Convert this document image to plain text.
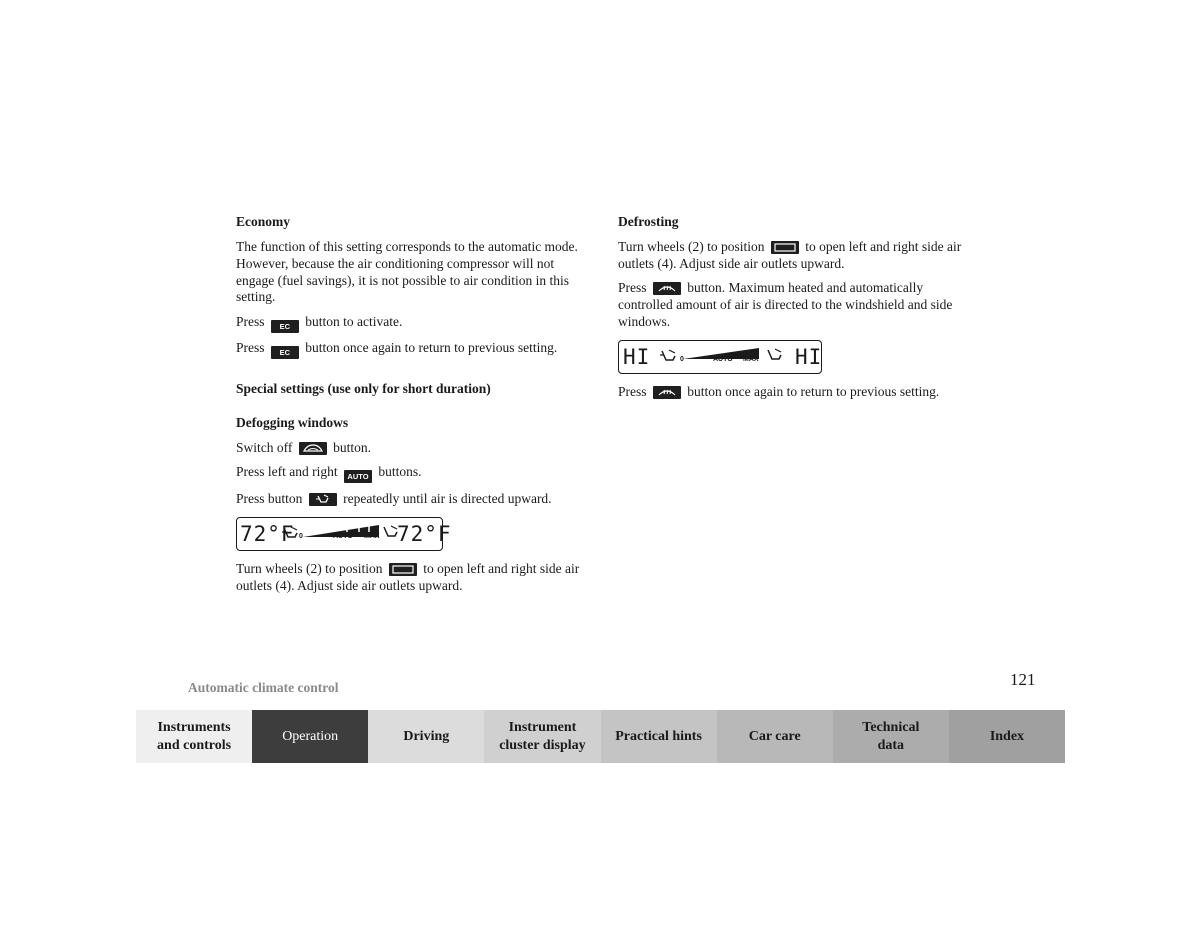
Economy

The function of this setting corresponds to the automatic mode. However, because the air conditioning compressor will not engage (fuel savings), it is not possible to air condition in this setting.

Press EC button to activate.

Press EC button once again to return to previous setting.

Special settings (use only for short duration)
Defogging windows

Switch off	button.

Press left and right AUTO buttons.

Press button	repeatedly until air is directed upward.

72°F 0	AUTO MAX 72°F

Turn wheels (2) to position	to open left and right side air outlets (4). Adjust side air outlets upward.

Defrosting

Turn wheels (2) to position	to open left and right side air outlets (4). Adjust side air outlets upward.

Press	button. Maximum heated and automatically controlled amount of air is directed to the windshield and side windows.

HI	0	AUTO MAX HI

Press	button once again to return to previous setting.

Automatic climate control	121
Instruments
and controls
Operation	Driving
Instrument
cluster display
Practical hints	Car care
Technical
data
Index
